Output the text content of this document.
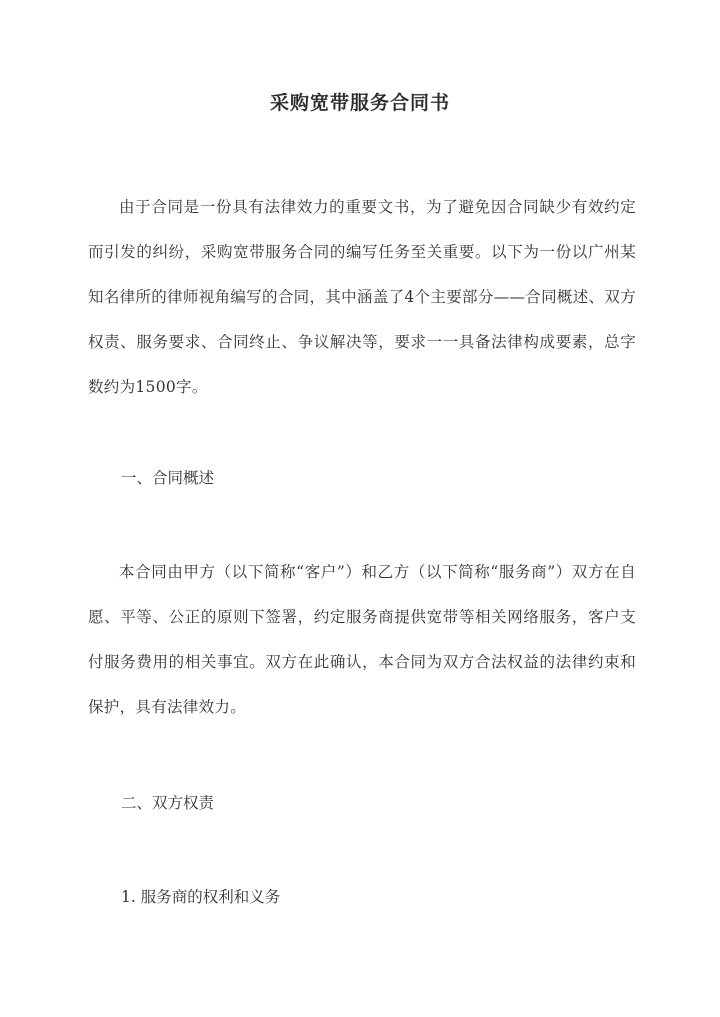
采购宽带服务合同书

由于合同是一份具有法律效力的重要文书，为了避免因合同缺少有效约定而引发的纠纷，采购宽带服务合同的编写任务至关重要。以下为一份以广州某知名律所的律师视角编写的合同，其中涵盖了4个主要部分——合同概述、双方权责、服务要求、合同终止、争议解决等，要求一一具备法律构成要素，总字数约为1500字。

一、合同概述

本合同由甲方（以下简称“客户”）和乙方（以下简称“服务商”）双方在自愿、平等、公正的原则下签署，约定服务商提供宽带等相关网络服务，客户支付服务费用的相关事宜。双方在此确认，本合同为双方合法权益的法律约束和保护，具有法律效力。

二、双方权责

1. 服务商的权利和义务
